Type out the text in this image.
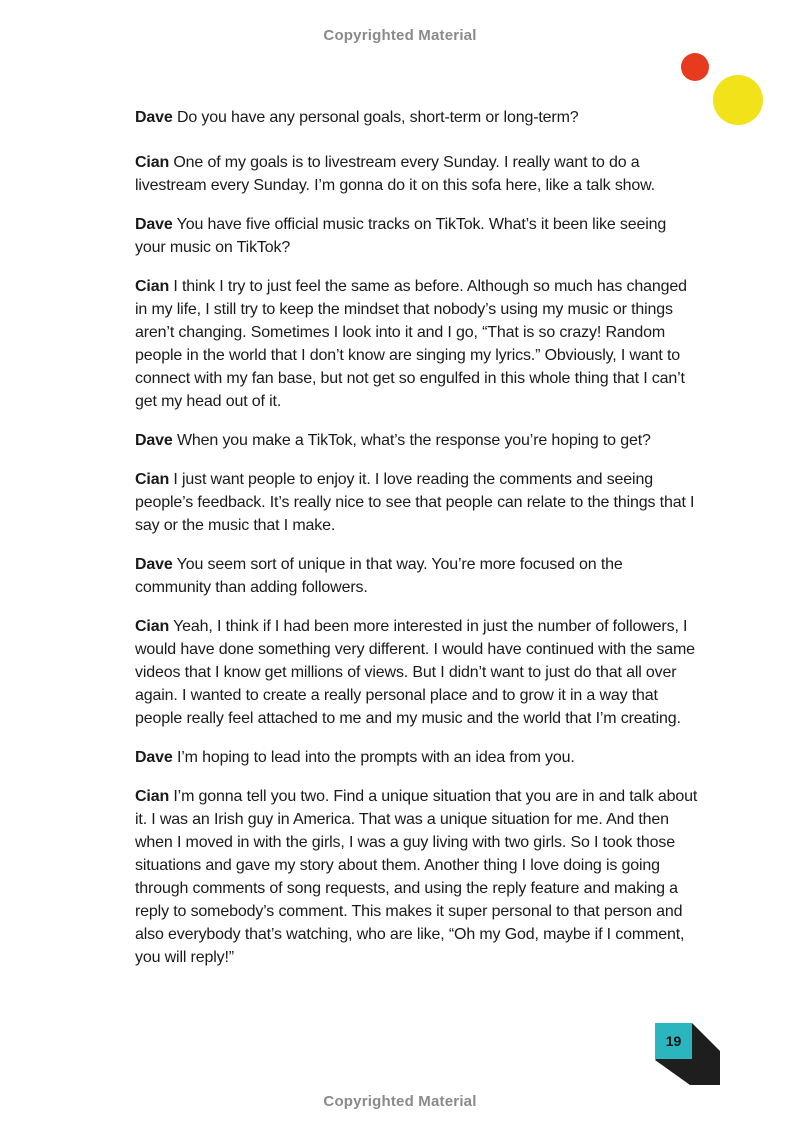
Copyrighted Material

Dave Do you have any personal goals, short-term or long-term?

Cian One of my goals is to livestream every Sunday. I really want to do a livestream every Sunday. I’m gonna do it on this sofa here, like a talk show.

Dave You have five official music tracks on TikTok. What’s it been like seeing your music on TikTok?

Cian I think I try to just feel the same as before. Although so much has changed in my life, I still try to keep the mindset that nobody’s using my music or things aren’t changing. Sometimes I look into it and I go, “That is so crazy! Random people in the world that I don’t know are singing my lyrics.” Obviously, I want to connect with my fan base, but not get so engulfed in this whole thing that I can’t get my head out of it.

Dave When you make a TikTok, what’s the response you’re hoping to get?

Cian I just want people to enjoy it. I love reading the comments and seeing people’s feedback. It’s really nice to see that people can relate to the things that I say or the music that I make.

Dave You seem sort of unique in that way. You’re more focused on the community than adding followers.

Cian Yeah, I think if I had been more interested in just the number of followers, I would have done something very different. I would have continued with the same videos that I know get millions of views. But I didn’t want to just do that all over again. I wanted to create a really personal place and to grow it in a way that people really feel attached to me and my music and the world that I’m creating.

Dave I’m hoping to lead into the prompts with an idea from you.

Cian I’m gonna tell you two. Find a unique situation that you are in and talk about it. I was an Irish guy in America. That was a unique situation for me. And then when I moved in with the girls, I was a guy living with two girls. So I took those situations and gave my story about them. Another thing I love doing is going through comments of song requests, and using the reply feature and making a reply to somebody’s comment. This makes it super personal to that person and also everybody that’s watching, who are like, “Oh my God, maybe if I comment, you will reply!”

19
Copyrighted Material
